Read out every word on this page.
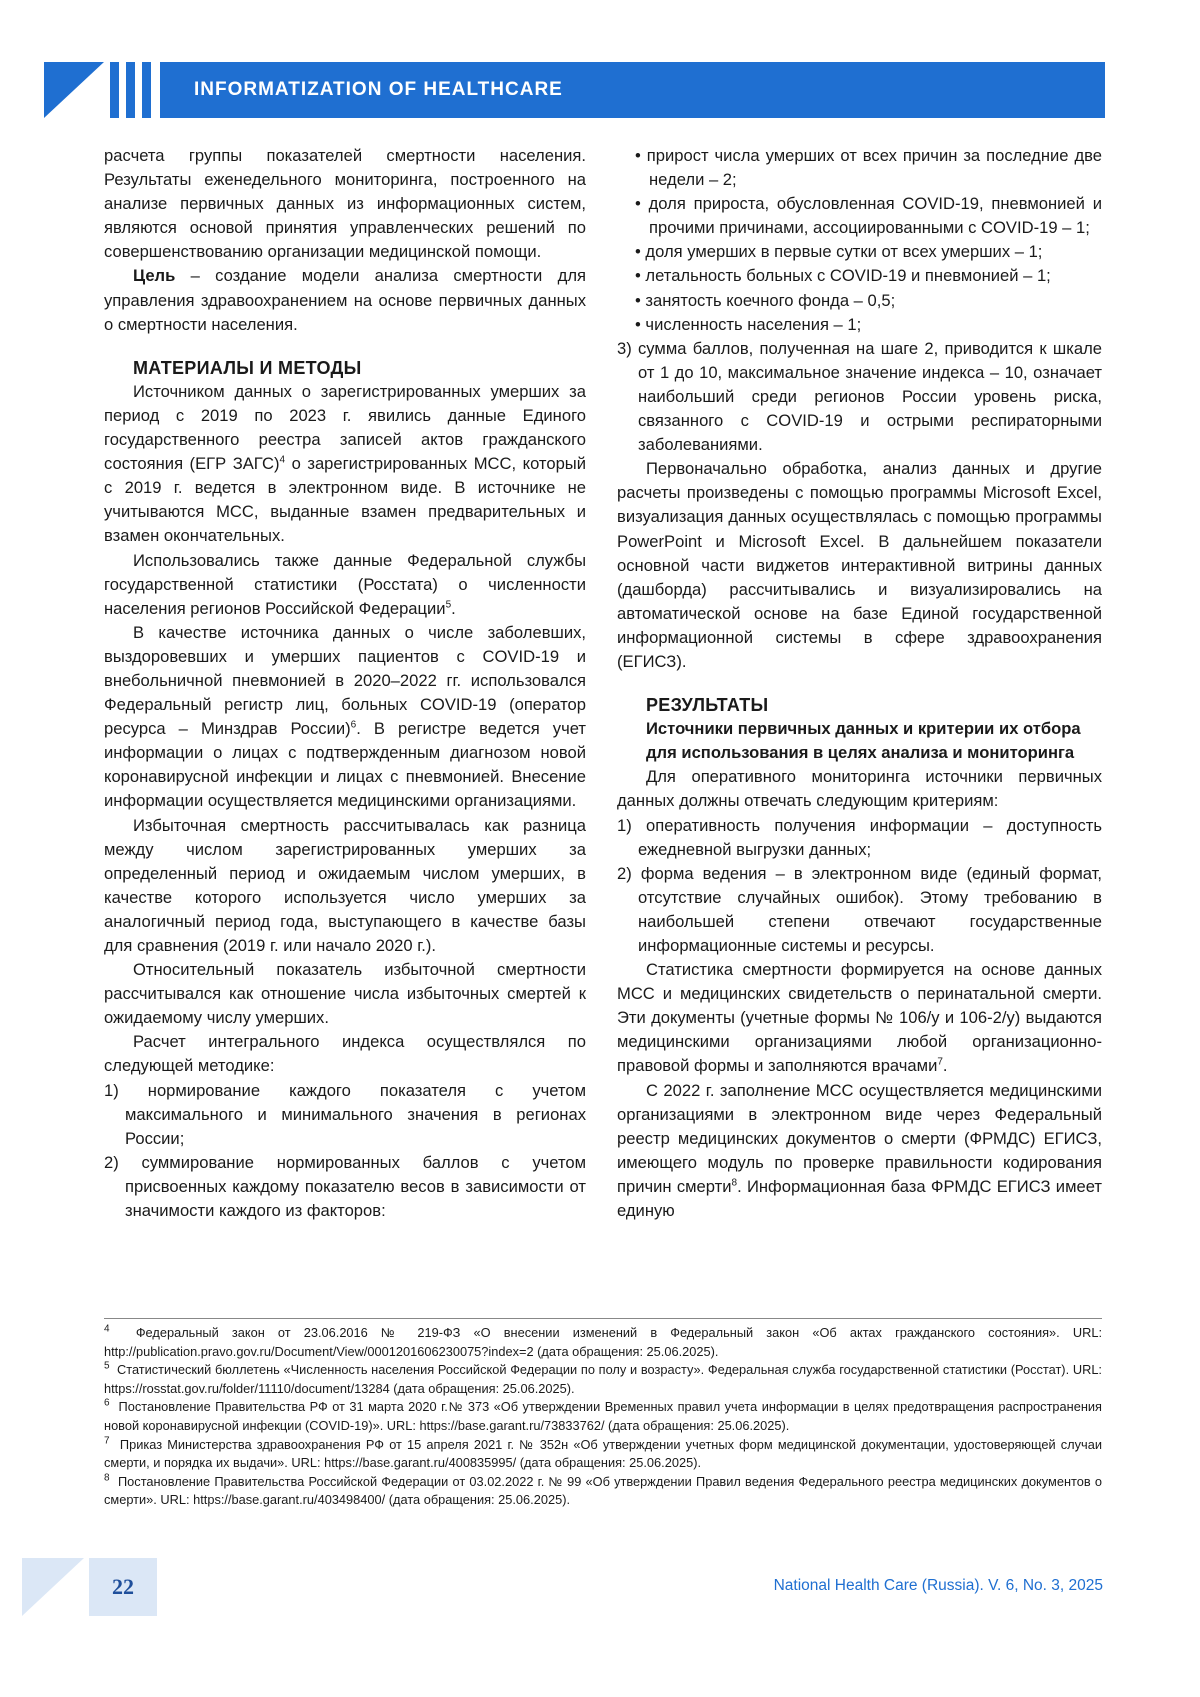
INFORMATIZATION OF HEALTHCARE

расчета группы показателей смертности населения. Результаты еженедельного мониторинга, построенного на анализе первичных данных из информационных систем, являются основой принятия управленческих решений по совершенствованию организации медицинской помощи.

Цель – создание модели анализа смертности для управления здравоохранением на основе первичных данных о смертности населения.

МАТЕРИАЛЫ И МЕТОДЫ

Источником данных о зарегистрированных умерших за период с 2019 по 2023 г. явились данные Единого государственного реестра записей актов гражданского состояния (ЕГР ЗАГС)4 о зарегистрированных МСС, который с 2019 г. ведется в электронном виде. В источнике не учитываются МСС, выданные взамен предварительных и взамен окончательных.

Использовались также данные Федеральной службы государственной статистики (Росстата) о численности населения регионов Российской Федерации5.

В качестве источника данных о числе заболевших, выздоровевших и умерших пациентов с COVID-19 и внебольничной пневмонией в 2020–2022 гг. использовался Федеральный регистр лиц, больных COVID-19 (оператор ресурса – Минздрав России)6. В регистре ведется учет информации о лицах с подтвержденным диагнозом новой коронавирусной инфекции и лицах с пневмонией. Внесение информации осуществляется медицинскими организациями.

Избыточная смертность рассчитывалась как разница между числом зарегистрированных умерших за определенный период и ожидаемым числом умерших, в качестве которого используется число умерших за аналогичный период года, выступающего в качестве базы для сравнения (2019 г. или начало 2020 г.).

Относительный показатель избыточной смертности рассчитывался как отношение числа избыточных смертей к ожидаемому числу умерших.

Расчет интегрального индекса осуществлялся по следующей методике:

1) нормирование каждого показателя с учетом максимального и минимального значения в регионах России;

2) суммирование нормированных баллов с учетом присвоенных каждому показателю весов в зависимости от значимости каждого из факторов:

• прирост числа умерших от всех причин за последние две недели – 2;

• доля прироста, обусловленная COVID-19, пневмонией и прочими причинами, ассоциированными с COVID-19 – 1;

• доля умерших в первые сутки от всех умерших – 1;

• летальность больных с COVID-19 и пневмонией – 1;

• занятость коечного фонда – 0,5;

• численность населения – 1;

3) сумма баллов, полученная на шаге 2, приводится к шкале от 1 до 10, максимальное значение индекса – 10, означает наибольший среди регионов России уровень риска, связанного с COVID-19 и острыми респираторными заболеваниями.

Первоначально обработка, анализ данных и другие расчеты произведены с помощью программы Microsoft Excel, визуализация данных осуществлялась с помощью программы PowerPoint и Microsoft Excel. В дальнейшем показатели основной части виджетов интерактивной витрины данных (дашборда) рассчитывались и визуализировались на автоматической основе на базе Единой государственной информационной системы в сфере здравоохранения (ЕГИСЗ).

РЕЗУЛЬТАТЫ

Источники первичных данных и критерии их отбора для использования в целях анализа и мониторинга

Для оперативного мониторинга источники первичных данных должны отвечать следующим критериям:

1) оперативность получения информации – доступность ежедневной выгрузки данных;

2) форма ведения – в электронном виде (единый формат, отсутствие случайных ошибок). Этому требованию в наибольшей степени отвечают государственные информационные системы и ресурсы.

Статистика смертности формируется на основе данных МСС и медицинских свидетельств о перинатальной смерти. Эти документы (учетные формы № 106/у и 106-2/у) выдаются медицинскими организациями любой организационно-правовой формы и заполняются врачами7.

С 2022 г. заполнение МСС осуществляется медицинскими организациями в электронном виде через Федеральный реестр медицинских документов о смерти (ФРМДС) ЕГИСЗ, имеющего модуль по проверке правильности кодирования причин смерти8. Информационная база ФРМДС ЕГИСЗ имеет единую

4 Федеральный закон от 23.06.2016 № 219-ФЗ «О внесении изменений в Федеральный закон «Об актах гражданского состояния». URL: http://publication.pravo.gov.ru/Document/View/0001201606230075?index=2 (дата обращения: 25.06.2025).

5 Статистический бюллетень «Численность населения Российской Федерации по полу и возрасту». Федеральная служба государственной статистики (Росстат). URL: https://rosstat.gov.ru/folder/11110/document/13284 (дата обращения: 25.06.2025).

6 Постановление Правительства РФ от 31 марта 2020 г.№ 373 «Об утверждении Временных правил учета информации в целях предотвращения распространения новой коронавирусной инфекции (COVID-19)». URL: https://base.garant.ru/73833762/ (дата обращения: 25.06.2025).

7 Приказ Министерства здравоохранения РФ от 15 апреля 2021 г. № 352н «Об утверждении учетных форм медицинской документации, удостоверяющей случаи смерти, и порядка их выдачи». URL: https://base.garant.ru/400835995/ (дата обращения: 25.06.2025).

8 Постановление Правительства Российской Федерации от 03.02.2022 г. № 99 «Об утверждении Правил ведения Федерального реестра медицинских документов о смерти». URL: https://base.garant.ru/403498400/ (дата обращения: 25.06.2025).

22	National Health Care (Russia). V. 6, No. 3, 2025
